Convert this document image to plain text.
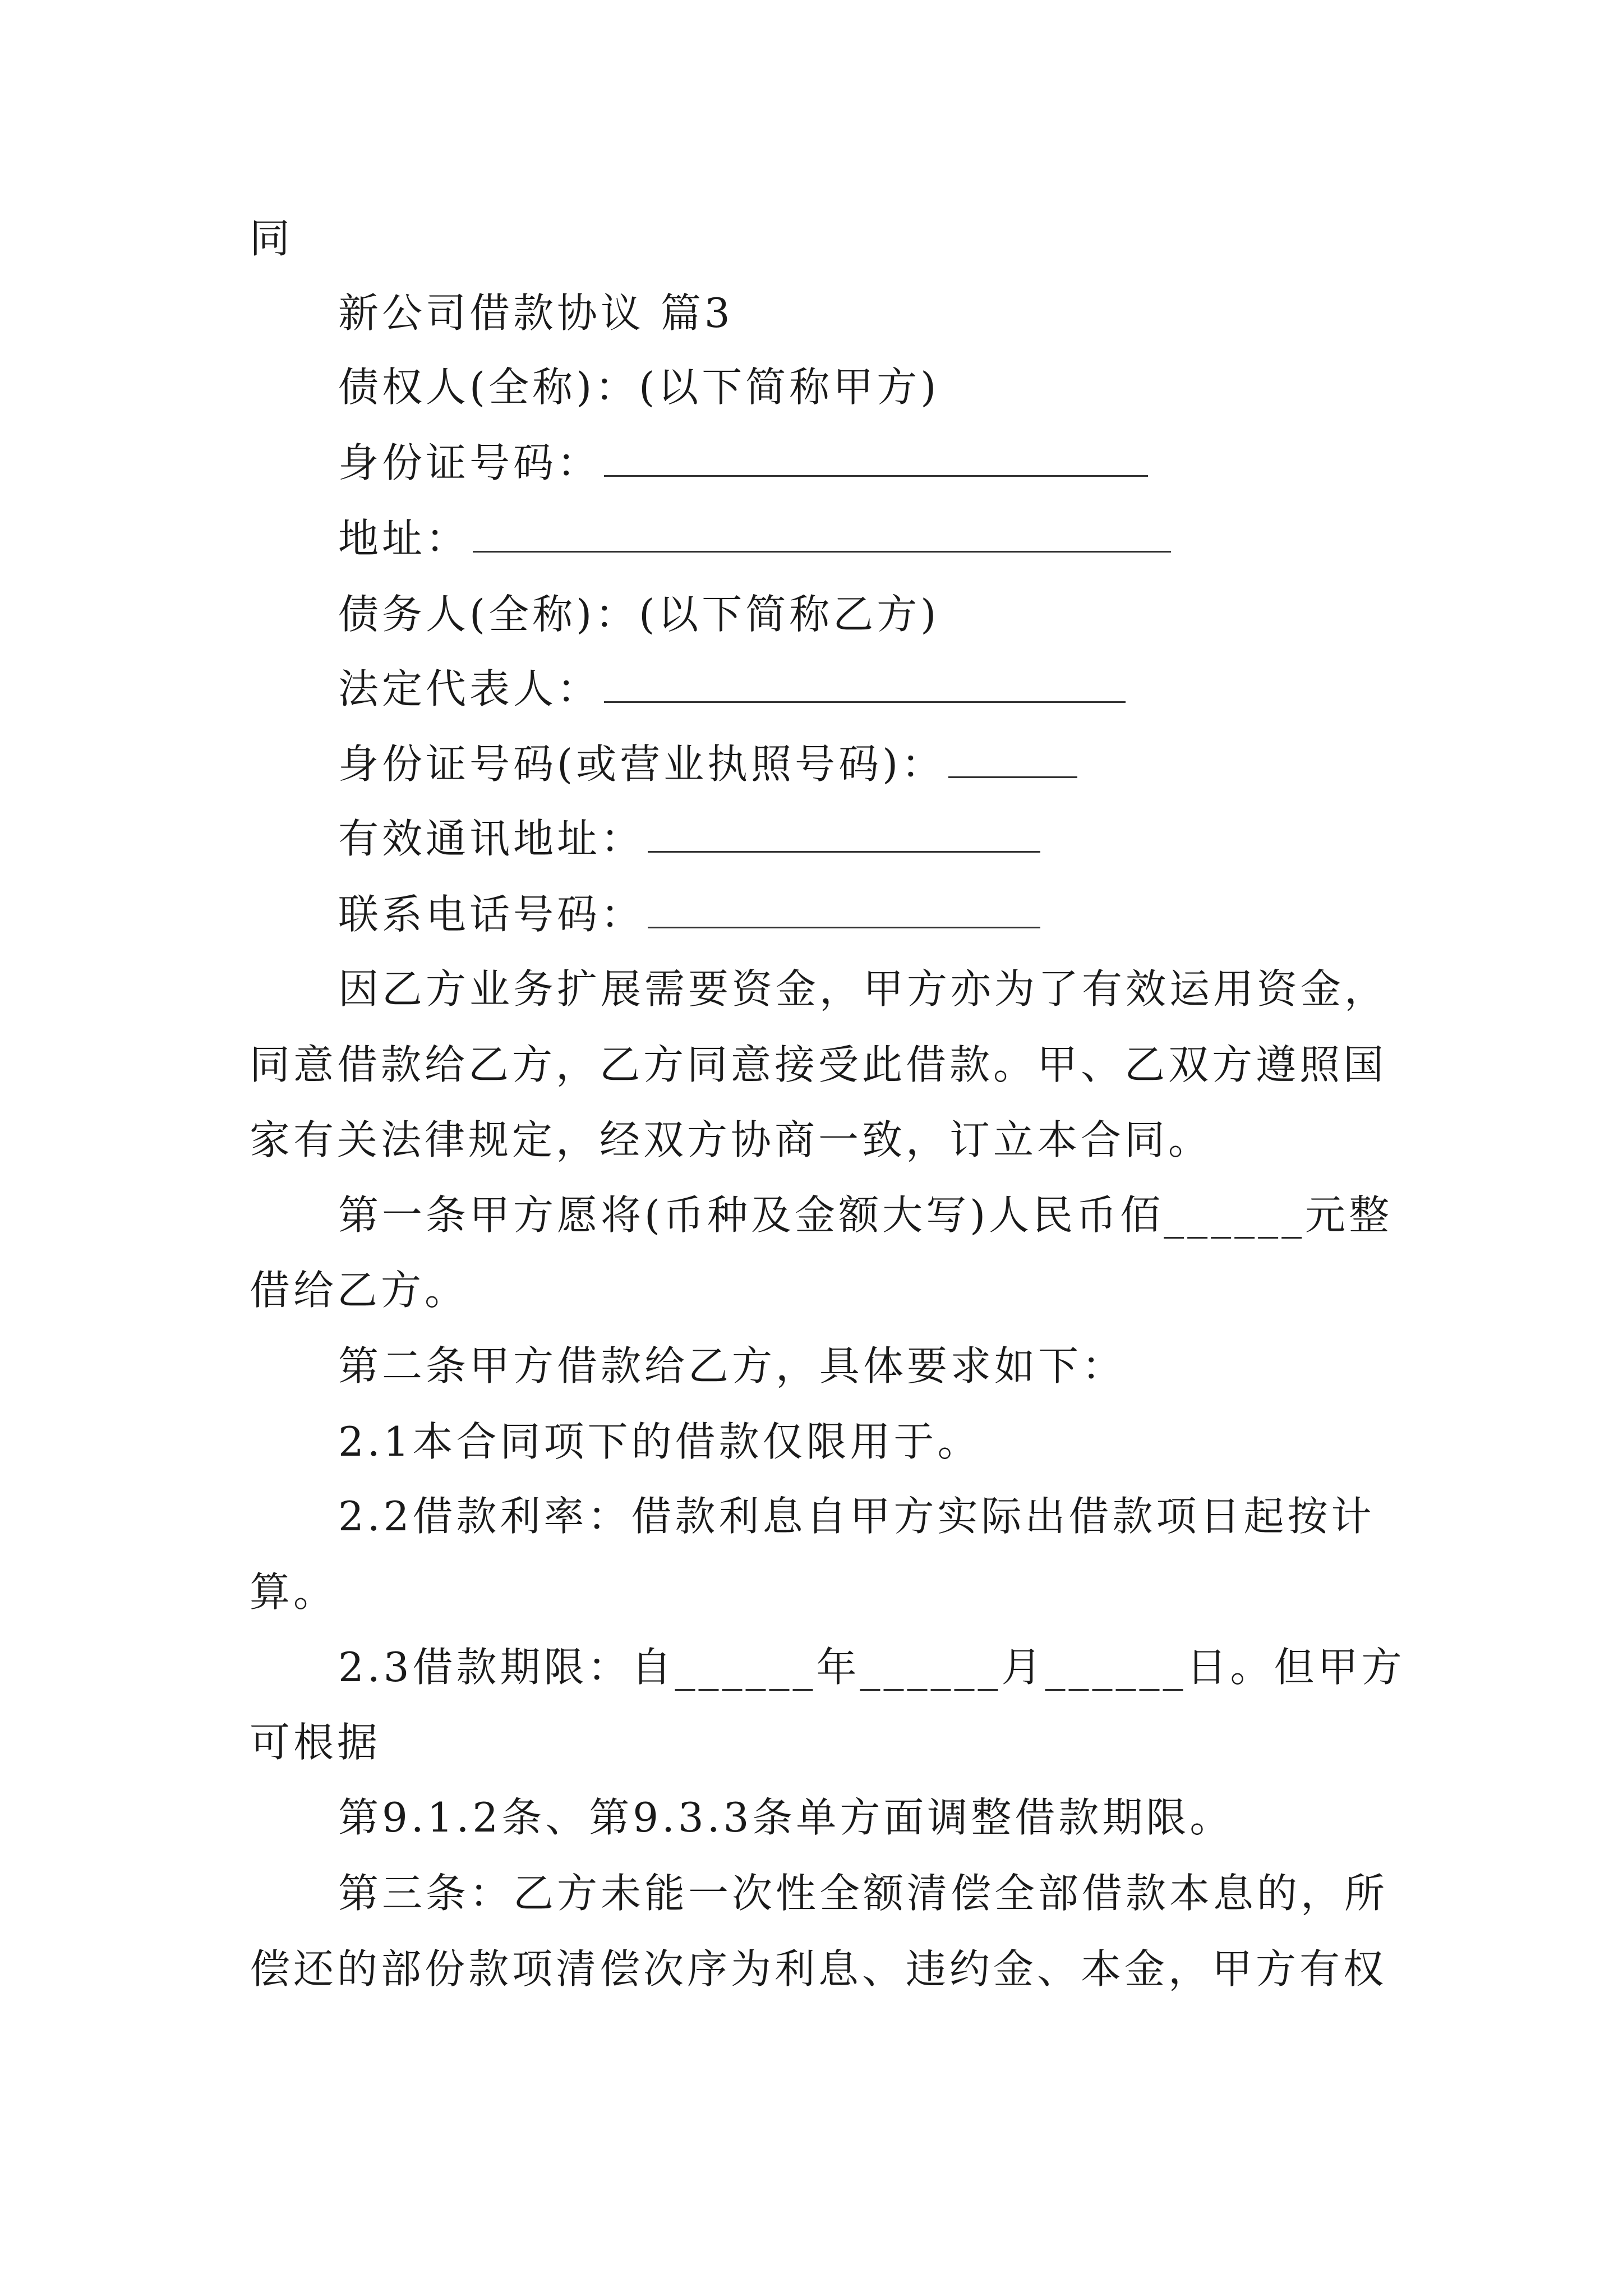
同
新公司借款协议 篇3
债权人(全称)：(以下简称甲方)
身份证号码：
地址：
债务人(全称)：(以下简称乙方)
法定代表人：
身份证号码(或营业执照号码)：
有效通讯地址：
联系电话号码：
因乙方业务扩展需要资金，甲方亦为了有效运用资金，
同意借款给乙方，乙方同意接受此借款。甲、乙双方遵照国
家有关法律规定，经双方协商一致，订立本合同。
第一条甲方愿将(币种及金额大写)人民币佰______元整
借给乙方。
第二条甲方借款给乙方，具体要求如下：
2.1本合同项下的借款仅限用于。
2.2借款利率：借款利息自甲方实际出借款项日起按计
算。
2.3借款期限：自______年______月______日。但甲方
可根据
第9.1.2条、第9.3.3条单方面调整借款期限。
第三条：乙方未能一次性全额清偿全部借款本息的，所
偿还的部份款项清偿次序为利息、违约金、本金，甲方有权
